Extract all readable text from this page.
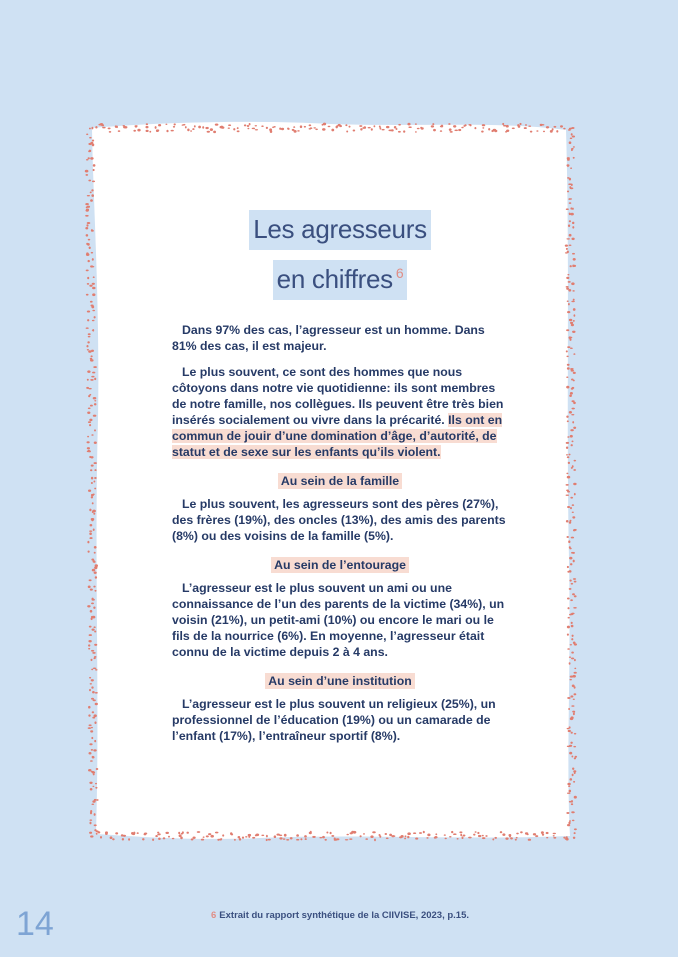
Les agresseurs
en chiffres $^6$

Dans 97% des cas, l’agresseur est un homme. Dans 81% des cas, il est majeur.

Le plus souvent, ce sont des hommes que nous côtoyons dans notre vie quotidienne: ils sont membres de notre famille, nos collègues. Ils peuvent être très bien insérés socialement ou vivre dans la précarité. Ils ont en commun de jouir d’une domination d’âge, d’autorité, de statut et de sexe sur les enfants qu’ils violent.

Au sein de la famille

Le plus souvent, les agresseurs sont des pères (27%), des frères (19%), des oncles (13%), des amis des parents (8%) ou des voisins de la famille (5%).

Au sein de l’entourage

L’agresseur est le plus souvent un ami ou une connaissance de l’un des parents de la victime (34%), un voisin (21%), un petit-ami (10%) ou encore le mari ou le fils de la nourrice (6%). En moyenne, l’agresseur était connu de la victime depuis 2 à 4 ans.

Au sein d’une institution

L’agresseur est le plus souvent un religieux (25%), un professionnel de l’éducation (19%) ou un camarade de l’enfant (17%), l’entraîneur sportif (8%).

14	6 Extrait du rapport synthétique de la CIIVISE, 2023, p.15.
